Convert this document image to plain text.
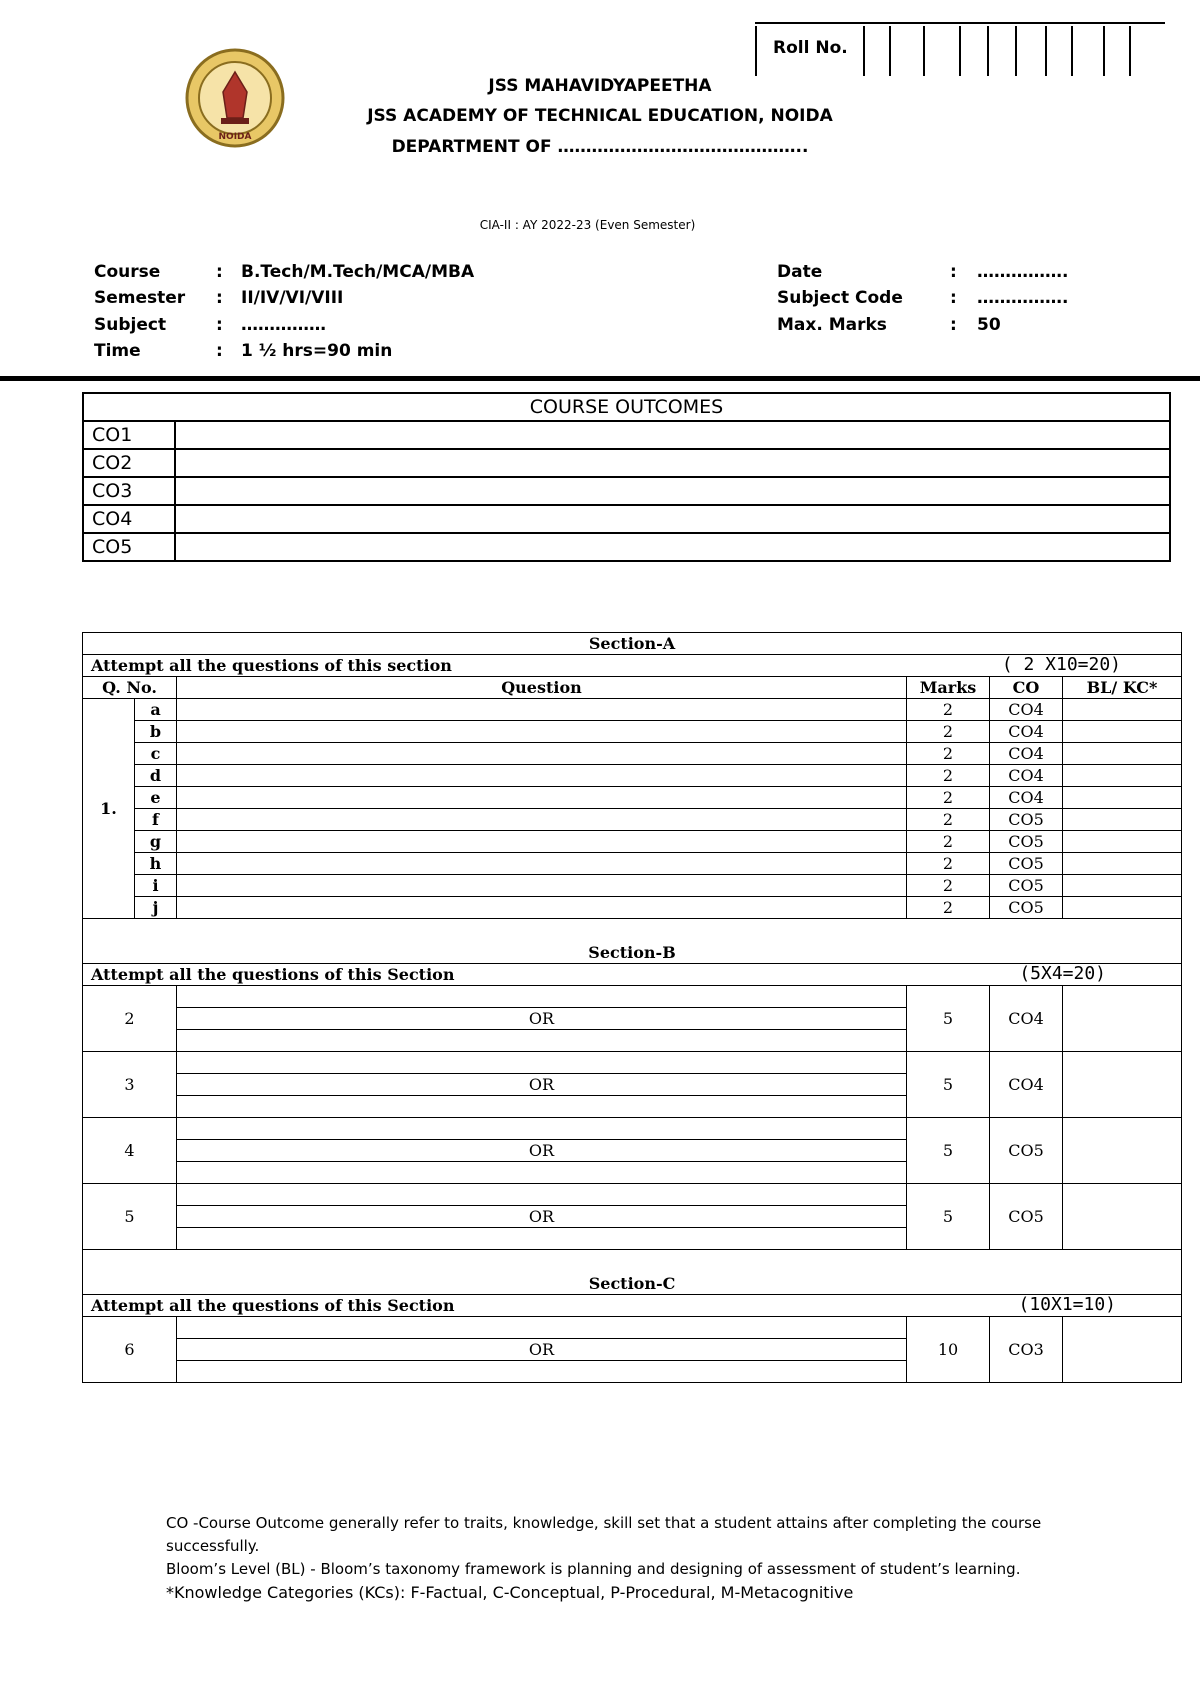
NOIDA
Roll No.
JSS MAHAVIDYAPEETHA
JSS ACADEMY OF TECHNICAL EDUCATION, NOIDA
DEPARTMENT OF ……………………………………..
CIA-II : AY 2022-23 (Even Semester)
Course	: B.Tech/M.Tech/MCA/MBA
Semester : II/IV/VI/VIII
Subject	: ……………
Time	: 1 ½ hrs=90 min
Date	: …………….
Subject Code	: …………….
Max. Marks	: 50
COURSE OUTCOMES	
CO1	
CO2	
CO3	
CO4	
CO5	
Section-A					
Attempt all the questions of this section ( 2 X10=20)					

Q. No.		Question	Marks	CO	BL/ KC*
1.	a		2	CO4	
	b		2	CO4	
	c		2	CO4	
	d		2	CO4	
	e		2	CO4	
	f		2	CO5	
	g		2	CO5	
	h		2	CO5	
	i		2	CO5	
	j		2	CO5	
Section-B					
Attempt all the questions of this Section (5X4=20)					

2			5	CO4	
		OR			

3			5	CO4	
		OR			

4			5	CO5	
		OR			

5			5	CO5	
		OR			

Section-C					
Attempt all the questions of this Section (10X1=10)					

6			10	CO3	
		OR			

CO -Course Outcome generally refer to traits, knowledge, skill set that a student attains after completing the course
successfully.
Bloom’s Level (BL) - Bloom’s taxonomy framework is planning and designing of assessment of student’s learning.
*Knowledge Categories (KCs): F-Factual, C-Conceptual, P-Procedural, M-Metacognitive
